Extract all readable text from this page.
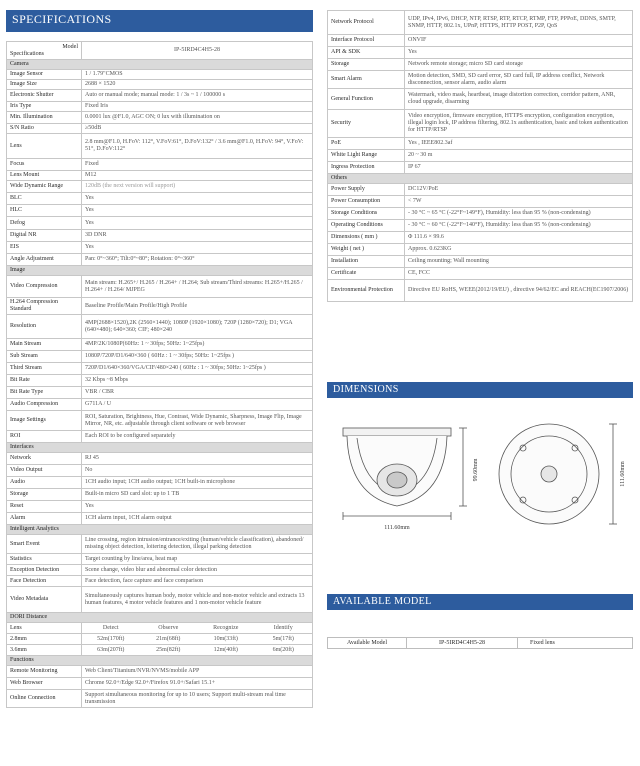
SPECIFICATIONS
Model
Specifications	IP-5IRD4C4H5-28
Camera	
Image Sensor	1 / 1.79"CMOS
Image Size	2688 × 1520
Electronic Shutter	Auto or manual mode; manual mode: 1 / 3s ~ 1 / 100000 s
Iris Type	Fixed Iris
Min. Illumination	0.0001 lux @F1.0, AGC ON; 0 lux with illumination on
S/N Ratio	≥50dB
Lens	2.8 mm@F1.0, H.FoV: 112°, V.FoV:61°, D.FoV:132° / 3.6 mm@F1.0, H.FoV: 94°, V.FoV: 51°, D.FoV:112°
Focus	Fixed
Lens Mount	M12
Wide Dynamic Range	120dB (the next version will support)
BLC	Yes
HLC	Yes
Defog	Yes
Digital NR	3D DNR
EIS	Yes
Angle Adjustment	Pan: 0°~360°; Tilt:0°~80°; Rotation: 0°~360°
Image	
Video Compression	Main stream: H.265+/ H.265 / H.264+ / H.264; Sub stream/Third streams: H.265+/H.265 / H.264+ / H.264/ MJPEG
H.264 Compression Standard	Baseline Profile/Main Profile/High Profile
Resolution	4MP(2688×1520),2K (2560×1440); 1080P (1920×1080); 720P (1280×720); D1; VGA (640×480); 640×360; CIF; 480×240
Main Stream	4MP/2K/1080P(60Hz: 1 ~ 30fps; 50Hz: 1~25fps)
Sub Stream	1080P/720P/D1/640×360 ( 60Hz : 1 ~ 30fps; 50Hz: 1~25fps )
Third Stream	720P/D1/640×360/VGA/CIF/480×240 ( 60Hz : 1 ~ 30fps; 50Hz: 1~25fps )
Bit Rate	32 Kbps ~8 Mbps
Bit Rate Type	VBR / CBR
Audio Compression	G711A / U
Image Settings	ROI, Saturation, Brightness, Hue, Contrast, Wide Dynamic, Sharpness, Image Flip, Image Mirror, NR, etc. adjustable through client software or web browser
ROI	Each ROI to be configured separately
Interfaces	
Network	RJ 45
Video Output	No
Audio	1CH audio input; 1CH audio output; 1CH built-in microphone
Storage	Built-in micro SD card slot: up to 1 TB
Reset	Yes
Alarm	1CH alarm input, 1CH alarm output
Intelligent Analytics	
Smart Event	Line crossing, region intrusion/entrance/exiting (human/vehicle classification), abandoned/ missing object detection, loitering detection, illegal parking detection
Statistics	Target counting by line/area, heat map
Exception Detection	Scene change, video blur and abnormal color detection
Face Detection	Face detection, face capture and face comparison
Video Metadata	Simultaneously captures human body, motor vehicle and non-motor vehicle and extracts 13 human features, 4 motor vehicle features and 1 non-motor vehicle feature
DORI Distance	
Lens	Detect Observe Recognize Identify

2.8mm	52m(170ft) 21m(68ft) 10m(33ft) 5m(17ft)

3.6mm	63m(207ft) 25m(82ft) 12m(40ft) 6m(20ft)

Functions	
Remote Monitoring	Web Client/Titanium/NVR/NVMS/mobile APP
Web Browser	Chrome 92.0+/Edge 92.0+/Firefox 91.0+/Safari 15.1+
Online Connection	Support simultaneous monitoring for up to 10 users; Support multi-stream real time transmission
Network Protocol	UDP, IPv4, IPv6, DHCP, NTP, RTSP, RTP, RTCP, RTMP, FTP, PPPoE, DDNS, SMTP, SNMP, HTTP, 802.1x, UPnP, HTTPS, HTTP POST, P2P, QoS
Interface Protocol	ONVIF
API & SDK	Yes
Storage	Network remote storage; micro SD card storage
Smart Alarm	Motion detection, SMD, SD card error, SD card full, IP address conflict, Network disconnection, sensor alarm, audio alarm
General Function	Watermark, video mask, heartbeat, image distortion correction, corridor pattern, ANR, cloud upgrade, disarming
Security	Video encryption, firmware encryption, HTTPS encryption, configuration encryption, illegal login lock, IP address filtering, 802.1x authentication, basic and token authentication for HTTP/RTSP
PoE	Yes , IEEE802.3af
White Light Range	20 ~ 30 m
Ingress Protection	IP 67
Others	
Power Supply	DC12V/PoE
Power Consumption	< 7W
Storage Conditions	- 30 °C ~ 65 °C (-22°F~149°F), Humidity: less than 95 % (non-condensing)
Operating Conditions	- 30 °C ~ 60 °C (-22°F~140°F), Humidity: less than 95 % (non-condensing)
Dimensions ( mm )	Φ 111.6 × 99.6
Weight ( net )	Approx. 0.623KG
Installation	Ceiling mounting; Wall mounting
Certificate	CE, FCC
Environmental Protection	Directive EU RoHS, WEEE(2012/19/EU) , directive 94/62/EC and REACH(EC1907/2006)
DIMENSIONS
99.60mm
111.60mm
111.60mm
AVAILABLE MODEL
Available Model	IP-5IRD4C4H5-28	Fixed lens
